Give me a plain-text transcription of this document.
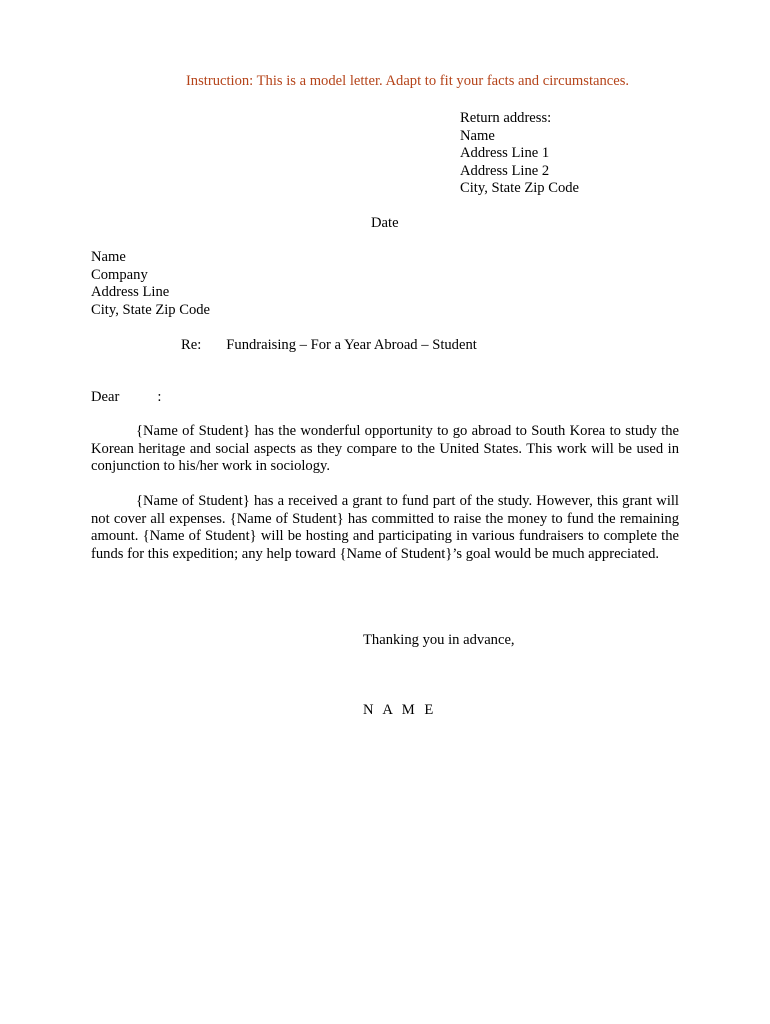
Instruction: This is a model letter. Adapt to fit your facts and circumstances.
Return address:
Name
Address Line 1
Address Line 2
City, State Zip Code
Date
Name
Company
Address Line
City, State Zip Code
Re: Fundraising – For a Year Abroad – Student
Dear	:
{Name of Student} has the wonderful opportunity to go abroad to South Korea to study the Korean heritage and social aspects as they compare to the United States. This work will be used in conjunction to his/her work in sociology.
{Name of Student} has a received a grant to fund part of the study. However, this grant will not cover all expenses. {Name of Student} has committed to raise the money to fund the remaining amount. {Name of Student} will be hosting and participating in various fundraisers to complete the funds for this expedition; any help toward {Name of Student}’s goal would be much appreciated.
Thanking you in advance,
N A M E
